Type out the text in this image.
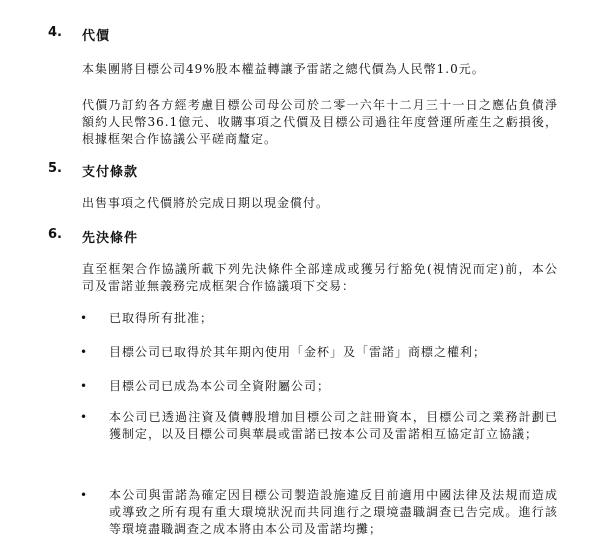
4. 代價
本集團將目標公司49%股本權益轉讓予雷諾之總代價為人民幣1.0元。
代價乃訂約各方經考慮目標公司母公司於二零一六年十二月三十一日之應佔負債淨額約人民幣36.1億元、收購事項之代價及目標公司過往年度營運所產生之虧損後，根據框架合作協議公平磋商釐定。
5. 支付條款
出售事項之代價將於完成日期以現金償付。
6. 先決條件
直至框架合作協議所載下列先決條件全部達成或獲另行豁免(視情況而定)前，本公司及雷諾並無義務完成框架合作協議項下交易：
• 已取得所有批准；
• 目標公司已取得於其年期內使用「金杯」及「雷諾」商標之權利；
• 目標公司已成為本公司全資附屬公司；
• 本公司已透過注資及債轉股增加目標公司之註冊資本，目標公司之業務計劃已獲制定，以及目標公司與華晨或雷諾已按本公司及雷諾相互協定訂立協議；
• 本公司與雷諾為確定因目標公司製造設施違反目前適用中國法律及法規而造成或導致之所有現有重大環境狀況而共同進行之環境盡職調查已告完成。進行該等環境盡職調查之成本將由本公司及雷諾均攤；
